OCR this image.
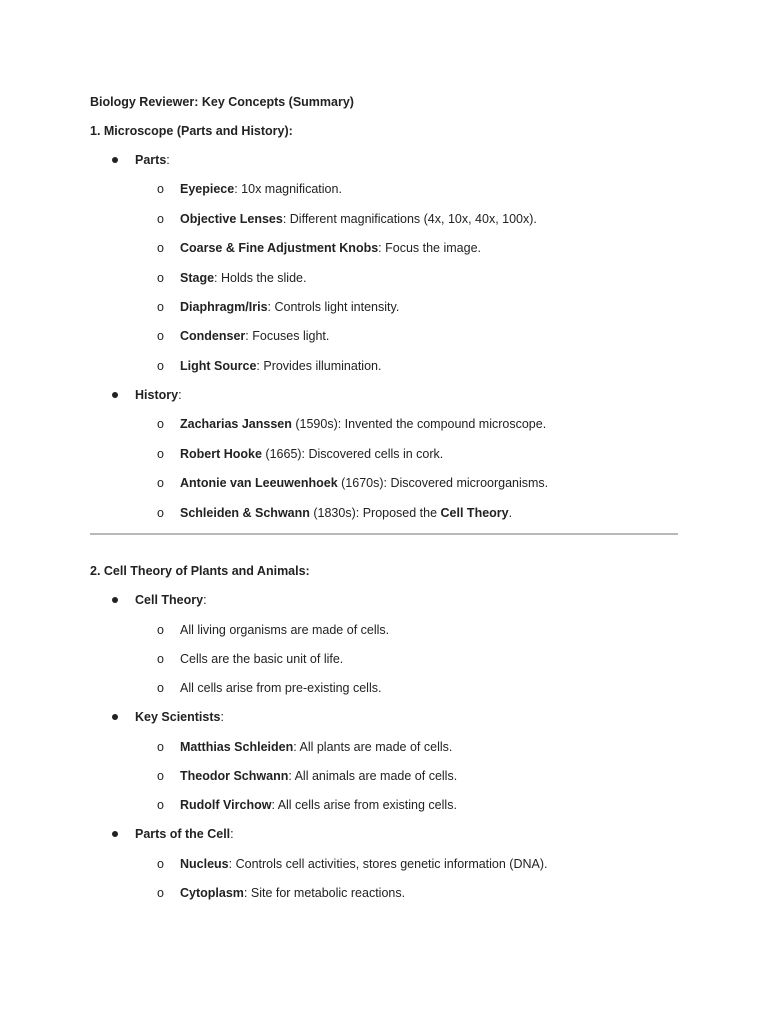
Biology Reviewer: Key Concepts (Summary)
1. Microscope (Parts and History):
Parts:
o Eyepiece: 10x magnification.
o Objective Lenses: Different magnifications (4x, 10x, 40x, 100x).
o Coarse & Fine Adjustment Knobs: Focus the image.
o Stage: Holds the slide.
o Diaphragm/Iris: Controls light intensity.
o Condenser: Focuses light.
o Light Source: Provides illumination.
History:
o Zacharias Janssen (1590s): Invented the compound microscope.
o Robert Hooke (1665): Discovered cells in cork.
o Antonie van Leeuwenhoek (1670s): Discovered microorganisms.
o Schleiden & Schwann (1830s): Proposed the Cell Theory.
2. Cell Theory of Plants and Animals:
Cell Theory:
o All living organisms are made of cells.
o Cells are the basic unit of life.
o All cells arise from pre-existing cells.
Key Scientists:
o Matthias Schleiden: All plants are made of cells.
o Theodor Schwann: All animals are made of cells.
o Rudolf Virchow: All cells arise from existing cells.
Parts of the Cell:
o Nucleus: Controls cell activities, stores genetic information (DNA).
o Cytoplasm: Site for metabolic reactions.
